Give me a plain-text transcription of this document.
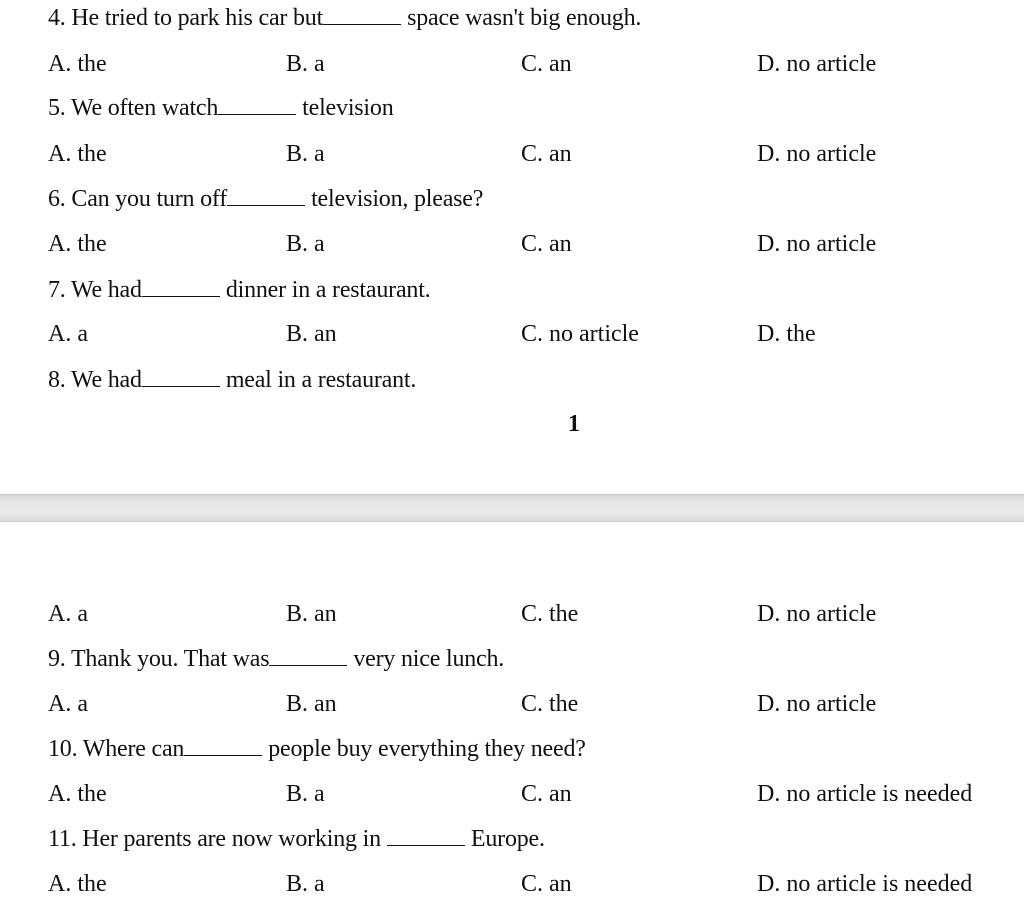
4. He tried to park his car but	space wasn't big enough.
A. the	B. a	C. an	D. no article
5. We often watch	television
A. the	B. a	C. an	D. no article
6. Can you turn off	television, please?
A. the	B. a	C. an	D. no article
7. We had	dinner in a restaurant.
A. a	B. an	C. no article	D. the
8. We had	meal in a restaurant.
1
A. a	B. an	C. the	D. no article
9. Thank you. That was	very nice lunch.
A. a	B. an	C. the	D. no article
10. Where can	people buy everything they need?
A. the	B. a	C. an	D. no article is needed
11. Her parents are now working in	Europe.
A. the	B. a	C. an	D. no article is needed
